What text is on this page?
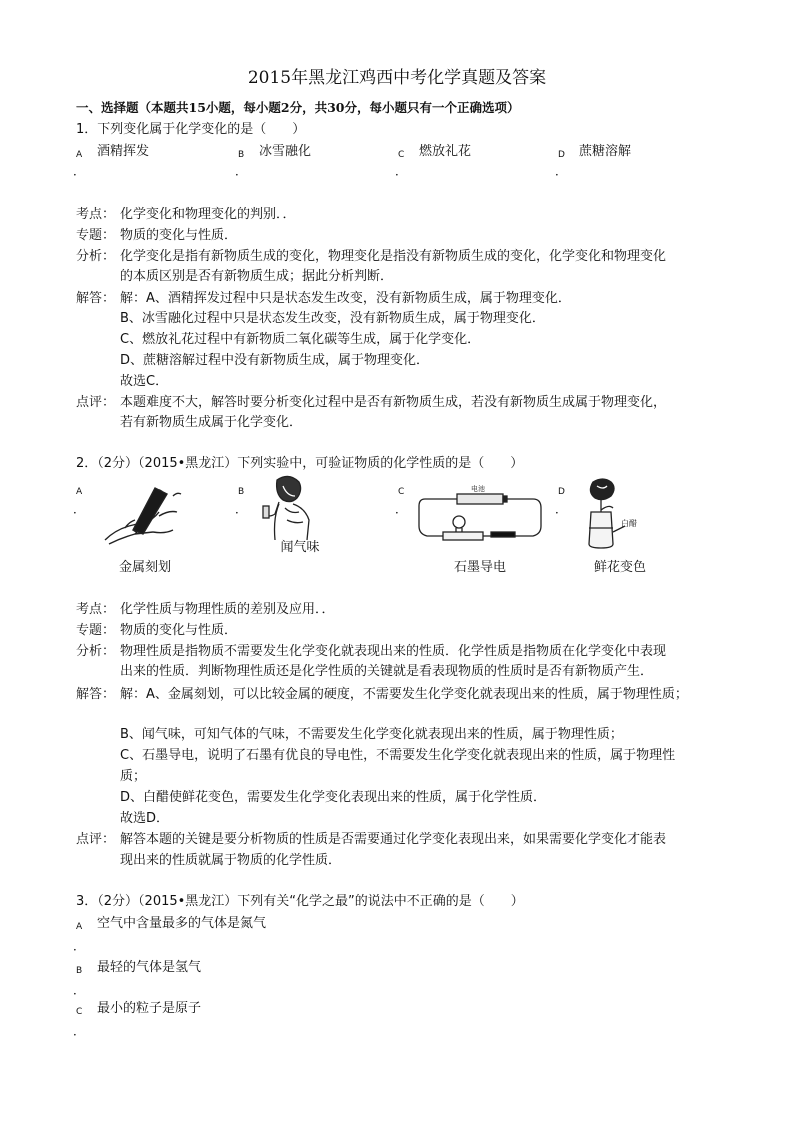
2015年黑龙江鸡西中考化学真题及答案
一、选择题（本题共15小题，每小题2分，共30分，每小题只有一个正确选项）
1．下列变化属于化学变化的是（　　）
A 酒精挥发
．
B 冰雪融化
．
C 燃放礼花
．
D 蔗糖溶解
．
考点： 化学变化和物理变化的判别．．
专题： 物质的变化与性质．
分析： 化学变化是指有新物质生成的变化，物理变化是指没有新物质生成的变化，化学变化和物理变化
的本质区别是否有新物质生成；据此分析判断．
解答： 解：A、酒精挥发过程中只是状态发生改变，没有新物质生成，属于物理变化．
B、冰雪融化过程中只是状态发生改变，没有新物质生成，属于物理变化．
C、燃放礼花过程中有新物质二氧化碳等生成，属于化学变化．
D、蔗糖溶解过程中没有新物质生成，属于物理变化．
故选C．
点评： 本题难度不大，解答时要分析变化过程中是否有新物质生成，若没有新物质生成属于物理变化，
若有新物质生成属于化学变化．
2．（2分）（2015•黑龙江）下列实验中，可验证物质的化学性质的是（　　）
A
．
B
．
C
．
D
．
金属刻划
闻气味
电池
石墨导电
白醋
鲜花变色
考点： 化学性质与物理性质的差别及应用．．
专题： 物质的变化与性质．
分析： 物理性质是指物质不需要发生化学变化就表现出来的性质．化学性质是指物质在化学变化中表现
出来的性质．判断物理性质还是化学性质的关键就是看表现物质的性质时是否有新物质产生．
解答： 解：A、金属刻划，可以比较金属的硬度，不需要发生化学变化就表现出来的性质，属于物理性质；
B、闻气味，可知气体的气味，不需要发生化学变化就表现出来的性质，属于物理性质；
C、石墨导电，说明了石墨有优良的导电性，不需要发生化学变化就表现出来的性质，属于物理性
质；
D、白醋使鲜花变色，需要发生化学变化表现出来的性质，属于化学性质．
故选D．
点评： 解答本题的关键是要分析物质的性质是否需要通过化学变化表现出来，如果需要化学变化才能表
现出来的性质就属于物质的化学性质．
3．（2分）（2015•黑龙江）下列有关“化学之最”的说法中不正确的是（　　）
A 空气中含量最多的气体是氮气
．
B 最轻的气体是氢气
．
C 最小的粒子是原子
．
